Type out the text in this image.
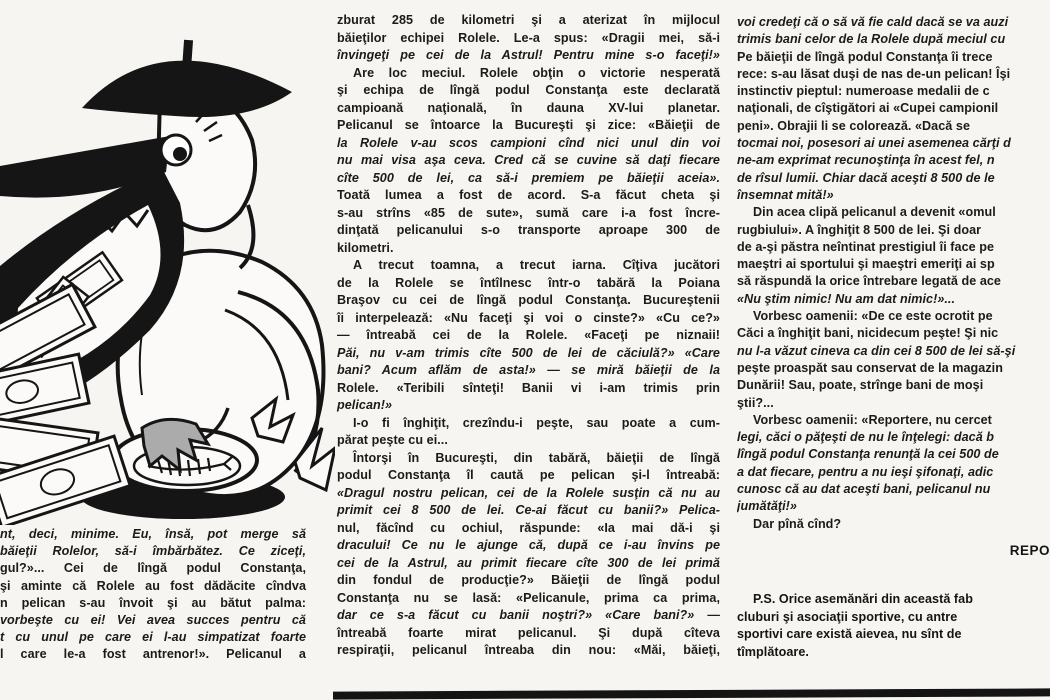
nt, deci, minime. Eu, însă, pot merge să
băieţii Rolelor, să-i îmbărbătez. Ce ziceţi,
gul?»... Cei de lîngă podul Constanţa,
şi aminte că Rolele au fost dădăcite cîndva
n pelican s-au învoit şi au bătut palma:
vorbeşte cu ei! Vei avea succes pentru că
t cu unul pe care ei l-au simpatizat foarte
l care le-a fost antrenor!». Pelicanul a
zburat 285 de kilometri şi a aterizat în mijlocul
băieţilor echipei Rolele. Le-a spus: «Dragii mei, să-i
învingeţi pe cei de la Astrul! Pentru mine s-o faceţi!»
Are loc meciul. Rolele obţin o victorie nesperată
şi echipa de lîngă podul Constanţa este declarată
campioană naţională, în dauna XV-lui planetar.
Pelicanul se întoarce la Bucureşti şi zice: «Băieţii de
la Rolele v-au scos campioni cînd nici unul din voi
nu mai visa aşa ceva. Cred că se cuvine să daţi fiecare
cîte 500 de lei, ca să-i premiem pe băieţii aceia».
Toată lumea a fost de acord. S-a făcut cheta şi
s-au strîns «85 de sute», sumă care i-a fost încre-
dinţată pelicanului s-o transporte aproape 300 de
kilometri.
A trecut toamna, a trecut iarna. Cîţiva jucători
de la Rolele se întîlnesc într-o tabără la Poiana
Braşov cu cei de lîngă podul Constanţa. Bucureştenii
îi interpelează: «Nu faceţi şi voi o cinste?» «Cu ce?»
— întreabă cei de la Rolele. «Faceţi pe niznaii!
Păi, nu v-am trimis cîte 500 de lei de căciulă?» «Care
bani? Acum aflăm de asta!» — se miră băieţii de la
Rolele. «Teribili sînteţi! Banii vi i-am trimis prin
pelican!»
I-o fi înghiţit, crezîndu-i peşte, sau poate a cum-
părat peşte cu ei...
Întorşi în Bucureşti, din tabără, băieţii de lîngă
podul Constanţa îl caută pe pelican şi-l întreabă:
«Dragul nostru pelican, cei de la Rolele susţin că nu au
primit cei 8 500 de lei. Ce-ai făcut cu banii?» Pelica-
nul, făcînd cu ochiul, răspunde: «Ia mai dă-i şi
dracului! Ce nu le ajunge că, după ce i-au învins pe
cei de la Astrul, au primit fiecare cîte 300 de lei primă
din fondul de producţie?» Băieţii de lîngă podul
Constanţa nu se lasă: «Pelicanule, prima ca prima,
dar ce s-a făcut cu banii noştri?» «Care bani?» —
întreabă foarte mirat pelicanul. Şi după cîteva
respiraţii, pelicanul întreaba din nou: «Măi, băieţi,
voi credeţi că o să vă fie cald dacă se va auzi
trimis bani celor de la Rolele după meciul cu
Pe băieţii de lîngă podul Constanţa îi trece
rece: s-au lăsat duşi de nas de-un pelican! Îşi
instinctiv pieptul: numeroase medalii de c
naţionali, de cîştigători ai «Cupei campionil
peni». Obrajii li se colorează. «Dacă se
tocmai noi, posesori ai unei asemenea cărţi d
ne-am exprimat recunoştinţa în acest fel, n
de rîsul lumii. Chiar dacă aceşti 8 500 de le
însemnat mită!»
Din acea clipă pelicanul a devenit «omul
rugbiului». A înghiţit 8 500 de lei. Şi doar
de a-şi păstra neîntinat prestigiul îi face pe
maeştri ai sportului şi maeştri emeriţi ai sp
să răspundă la orice întrebare legată de ace
«Nu ştim nimic! Nu am dat nimic!»...
Vorbesc oamenii: «De ce este ocrotit pe
Căci a înghiţit bani, nicidecum peşte! Şi nic
nu l-a văzut cineva ca din cei 8 500 de lei să-şi
peşte proaspăt sau conservat de la magazin
Dunării! Sau, poate, strînge bani de moşi
ştii?...
Vorbesc oamenii: «Reportere, nu cercet
legi, căci o păţeşti de nu le înţelegi: dacă b
lîngă podul Constanţa renunţă la cei 500 de
a dat fiecare, pentru a nu ieşi şifonaţi, adic
cunosc că au dat aceşti bani, pelicanul nu
jumătăţi!»
Dar pînă cînd?
REPO
P.S. Orice asemănări din această fab
cluburi şi asociaţii sportive, cu antre
sportivi care există aievea, nu sînt de
tîmplătoare.
